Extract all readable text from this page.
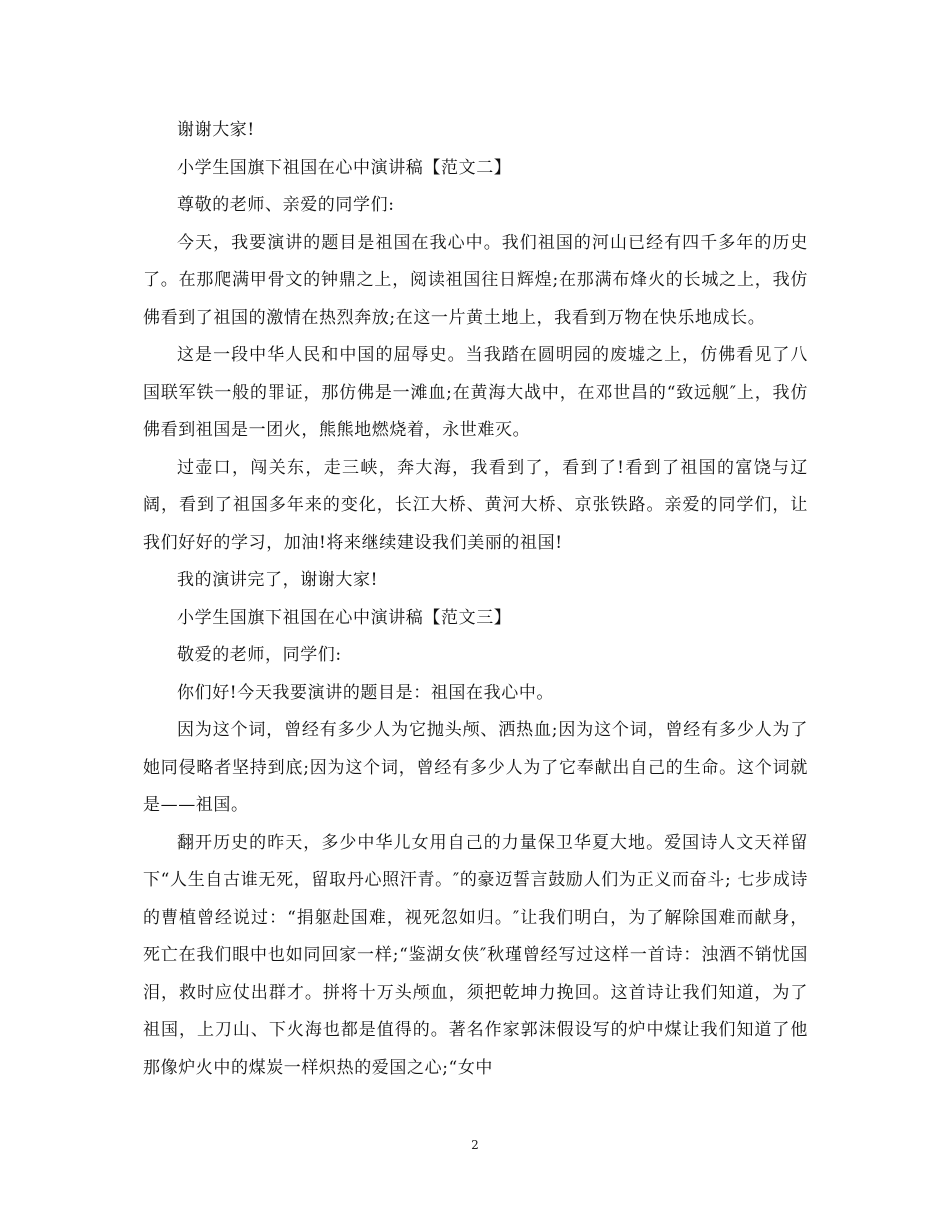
谢谢大家!

小学生国旗下祖国在心中演讲稿【范文二】

尊敬的老师、亲爱的同学们:

今天，我要演讲的题目是祖国在我心中。我们祖国的河山已经有四千多年的历史了。在那爬满甲骨文的钟鼎之上，阅读祖国往日辉煌;在那满布烽火的长城之上，我仿佛看到了祖国的激情在热烈奔放;在这一片黄土地上，我看到万物在快乐地成长。

这是一段中华人民和中国的屈辱史。当我踏在圆明园的废墟之上，仿佛看见了八国联军铁一般的罪证，那仿佛是一滩血;在黄海大战中，在邓世昌的“致远舰″上，我仿佛看到祖国是一团火，熊熊地燃烧着，永世难灭。

过壶口，闯关东，走三峡，奔大海，我看到了，看到了!看到了祖国的富饶与辽阔，看到了祖国多年来的变化，长江大桥、黄河大桥、京张铁路。亲爱的同学们，让我们好好的学习，加油!将来继续建设我们美丽的祖国!

我的演讲完了，谢谢大家!

小学生国旗下祖国在心中演讲稿【范文三】

敬爱的老师，同学们:

你们好!今天我要演讲的题目是：祖国在我心中。

因为这个词，曾经有多少人为它抛头颅、洒热血;因为这个词，曾经有多少人为了她同侵略者坚持到底;因为这个词，曾经有多少人为了它奉献出自己的生命。这个词就是——祖国。

翻开历史的昨天，多少中华儿女用自己的力量保卫华夏大地。爱国诗人文天祥留下“人生自古谁无死，留取丹心照汗青。″的豪迈誓言鼓励人们为正义而奋斗; 七步成诗的曹植曾经说过：“捐躯赴国难，视死忽如归。″让我们明白，为了解除国难而献身，死亡在我们眼中也如同回家一样;“鉴湖女侠″秋瑾曾经写过这样一首诗：浊酒不销忧国泪，救时应仗出群才。拼将十万头颅血，须把乾坤力挽回。这首诗让我们知道，为了祖国，上刀山、下火海也都是值得的。著名作家郭沫假设写的炉中煤让我们知道了他那像炉火中的煤炭一样炽热的爱国之心;“女中

2
